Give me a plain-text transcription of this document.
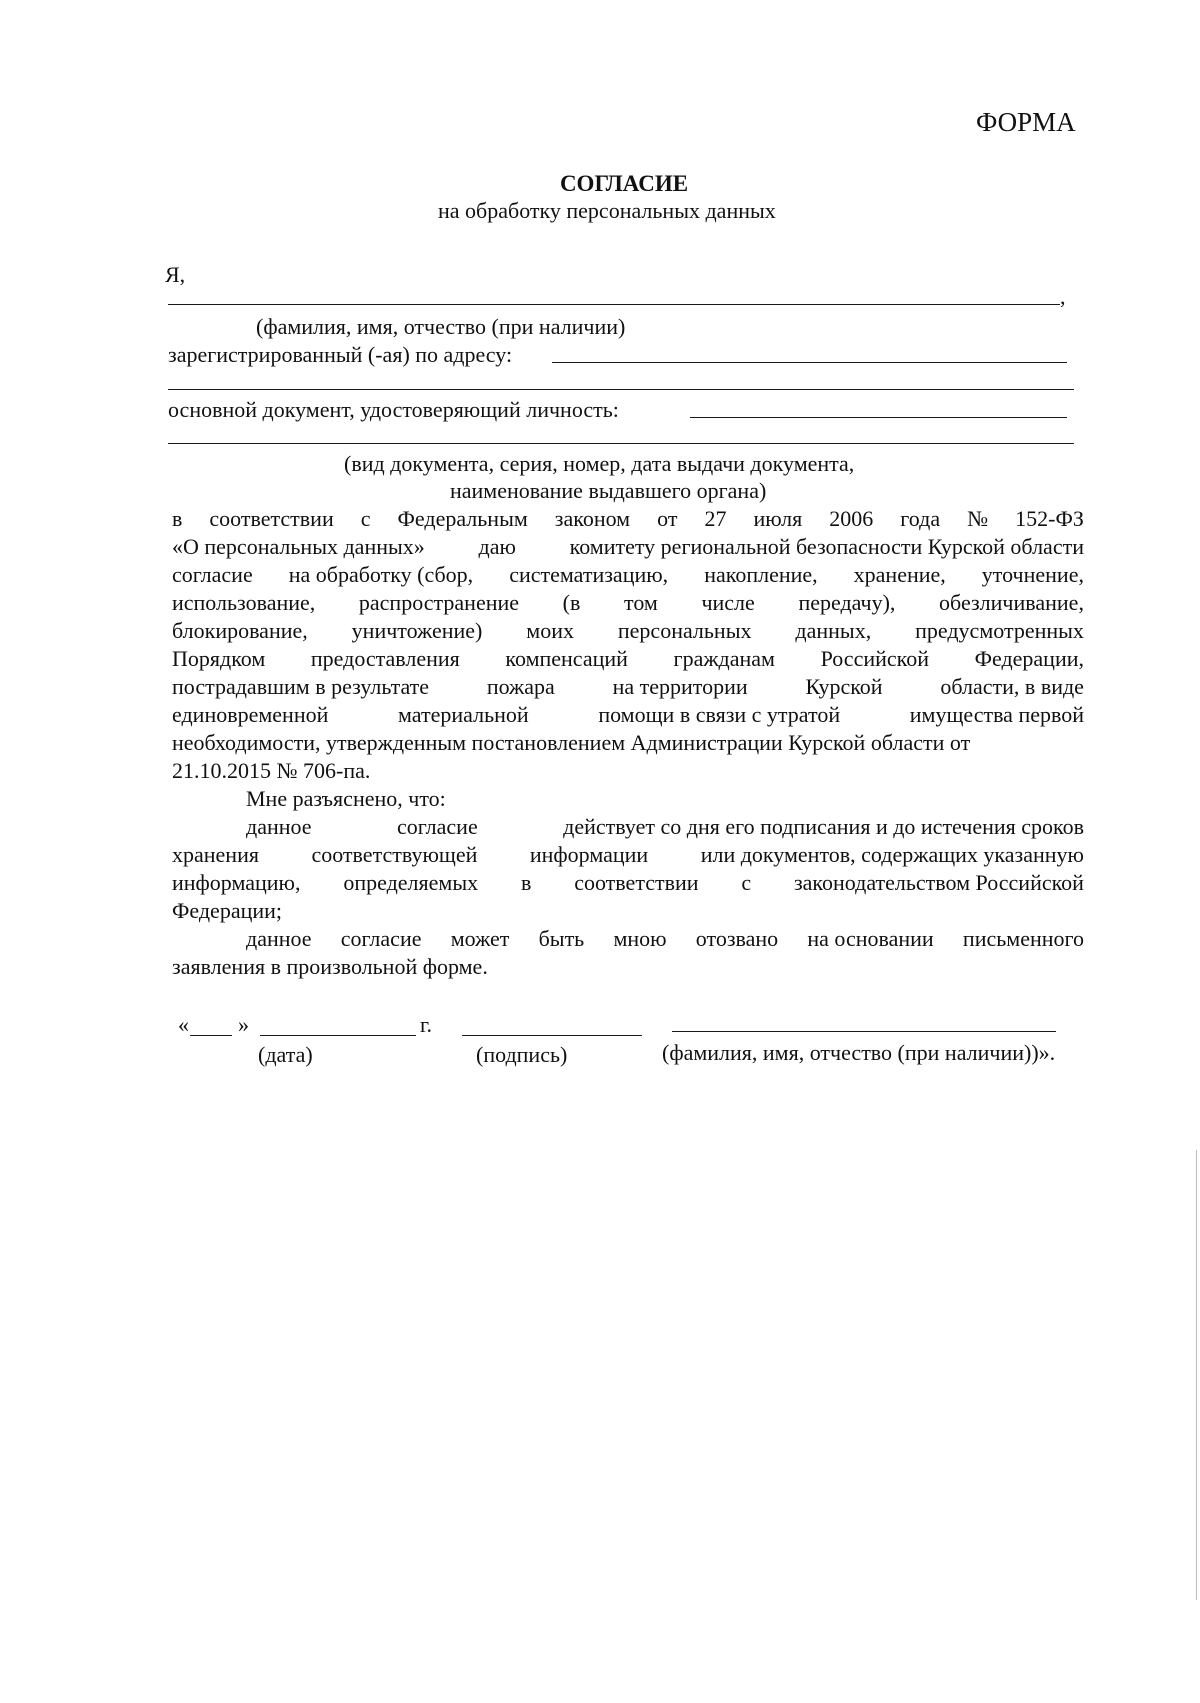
ФОРМА
СОГЛАСИЕ
на обработку персональных данных
Я,
,
(фамилия, имя, отчество (при наличии)
зарегистрированный (-ая) по адресу:
основной документ, удостоверяющий личность:
(вид документа, серия, номер, дата выдачи документа,
наименование выдавшего органа)
в соответствии с Федеральным законом от 27 июля 2006 года № 152-ФЗ
«О персональных данных» даю комитету региональной безопасности Курской области
согласие на обработку (сбор, систематизацию, накопление, хранение, уточнение,
использование, распространение (в том числе передачу), обезличивание,
блокирование, уничтожение) моих персональных данных, предусмотренных
Порядком предоставления компенсаций гражданам Российской Федерации,
пострадавшим в результате	пожара	на территории	Курской	области, в виде
единовременной	материальной	помощи в связи с утратой	имущества первой
необходимости, утвержденным постановлением Администрации Курской области от
21.10.2015 № 706-па.
Мне разъяснено, что:
данное	согласие	действует со дня его подписания и до истечения сроков
хранения соответствующей информации или документов, содержащих указанную
информацию, определяемых в соответствии с законодательством Российской
Федерации;
данное согласие может быть мною отозвано на основании письменного
заявления в произвольной форме.
« »	г.
(дата)	(подпись)	(фамилия, имя, отчество (при наличии))».
